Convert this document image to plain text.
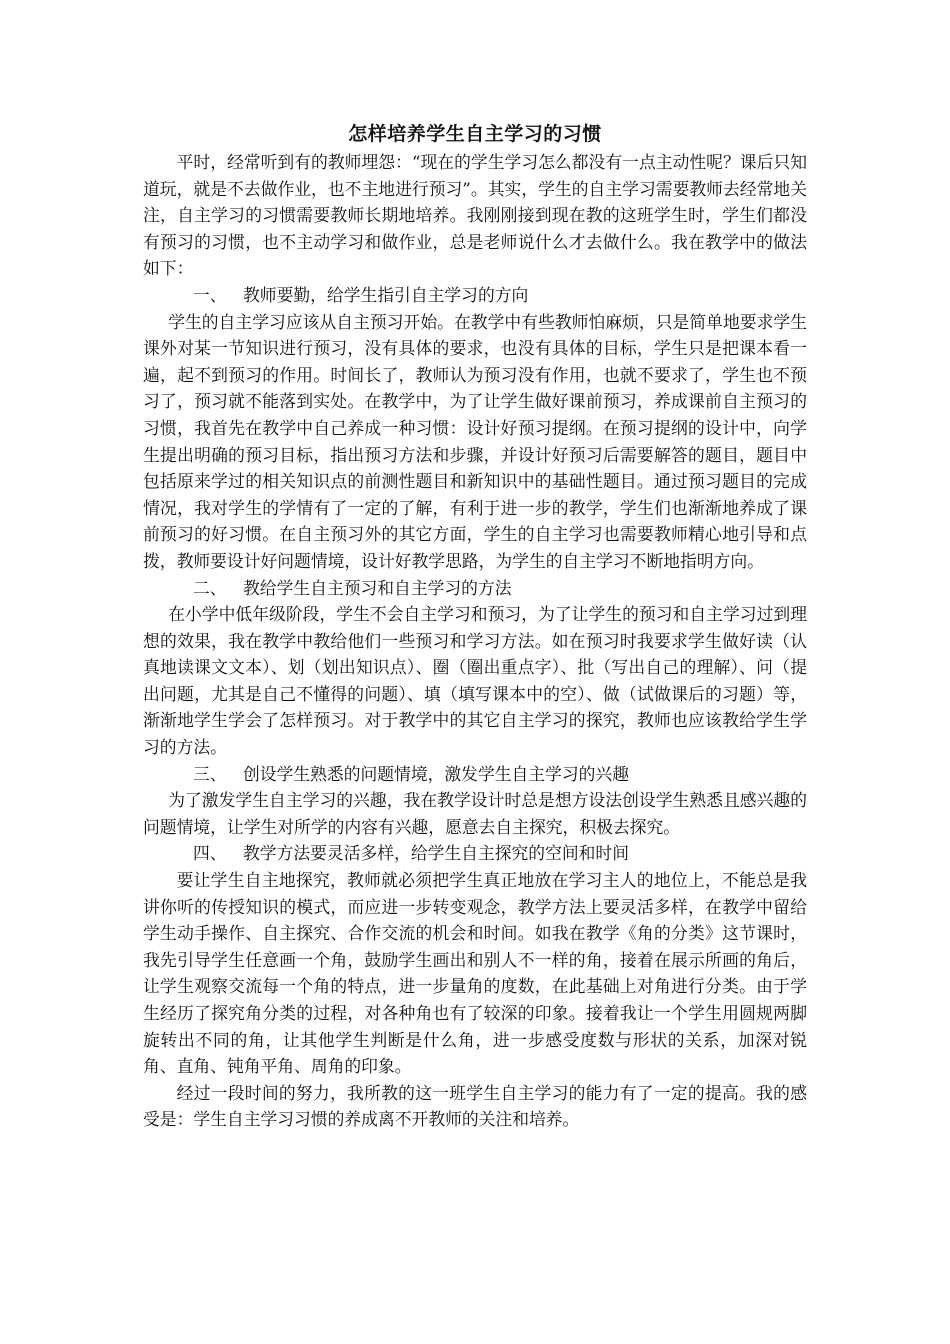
怎样培养学生自主学习的习惯

平时，经常听到有的教师埋怨：“现在的学生学习怎么都没有一点主动性呢？课后只知道玩，就是不去做作业，也不主地进行预习”。其实，学生的自主学习需要教师去经常地关注，自主学习的习惯需要教师长期地培养。我刚刚接到现在教的这班学生时，学生们都没有预习的习惯，也不主动学习和做作业，总是老师说什么才去做什么。我在教学中的做法如下：

一、 教师要勤，给学生指引自主学习的方向

学生的自主学习应该从自主预习开始。在教学中有些教师怕麻烦，只是简单地要求学生课外对某一节知识进行预习，没有具体的要求，也没有具体的目标，学生只是把课本看一遍，起不到预习的作用。时间长了，教师认为预习没有作用，也就不要求了，学生也不预习了，预习就不能落到实处。在教学中，为了让学生做好课前预习，养成课前自主预习的习惯，我首先在教学中自己养成一种习惯：设计好预习提纲。在预习提纲的设计中，向学生提出明确的预习目标，指出预习方法和步骤，并设计好预习后需要解答的题目，题目中包括原来学过的相关知识点的前测性题目和新知识中的基础性题目。通过预习题目的完成情况，我对学生的学情有了一定的了解，有利于进一步的教学，学生们也渐渐地养成了课前预习的好习惯。在自主预习外的其它方面，学生的自主学习也需要教师精心地引导和点拨，教师要设计好问题情境，设计好教学思路，为学生的自主学习不断地指明方向。

二、 教给学生自主预习和自主学习的方法

在小学中低年级阶段，学生不会自主学习和预习，为了让学生的预习和自主学习过到理想的效果，我在教学中教给他们一些预习和学习方法。如在预习时我要求学生做好读（认真地读课文文本）、划（划出知识点）、圈（圈出重点字）、批（写出自己的理解）、问（提出问题，尤其是自己不懂得的问题）、填（填写课本中的空）、做（试做课后的习题）等，渐渐地学生学会了怎样预习。对于教学中的其它自主学习的探究，教师也应该教给学生学习的方法。

三、 创设学生熟悉的问题情境，激发学生自主学习的兴趣

为了激发学生自主学习的兴趣，我在教学设计时总是想方设法创设学生熟悉且感兴趣的问题情境，让学生对所学的内容有兴趣，愿意去自主探究，积极去探究。

四、 教学方法要灵活多样，给学生自主探究的空间和时间

要让学生自主地探究，教师就必须把学生真正地放在学习主人的地位上，不能总是我讲你听的传授知识的模式，而应进一步转变观念，教学方法上要灵活多样，在教学中留给学生动手操作、自主探究、合作交流的机会和时间。如我在教学《角的分类》这节课时，我先引导学生任意画一个角，鼓励学生画出和别人不一样的角，接着在展示所画的角后，让学生观察交流每一个角的特点，进一步量角的度数，在此基础上对角进行分类。由于学生经历了探究角分类的过程，对各种角也有了较深的印象。接着我让一个学生用圆规两脚旋转出不同的角，让其他学生判断是什么角，进一步感受度数与形状的关系，加深对锐角、直角、钝角平角、周角的印象。

经过一段时间的努力，我所教的这一班学生自主学习的能力有了一定的提高。我的感受是：学生自主学习习惯的养成离不开教师的关注和培养。
